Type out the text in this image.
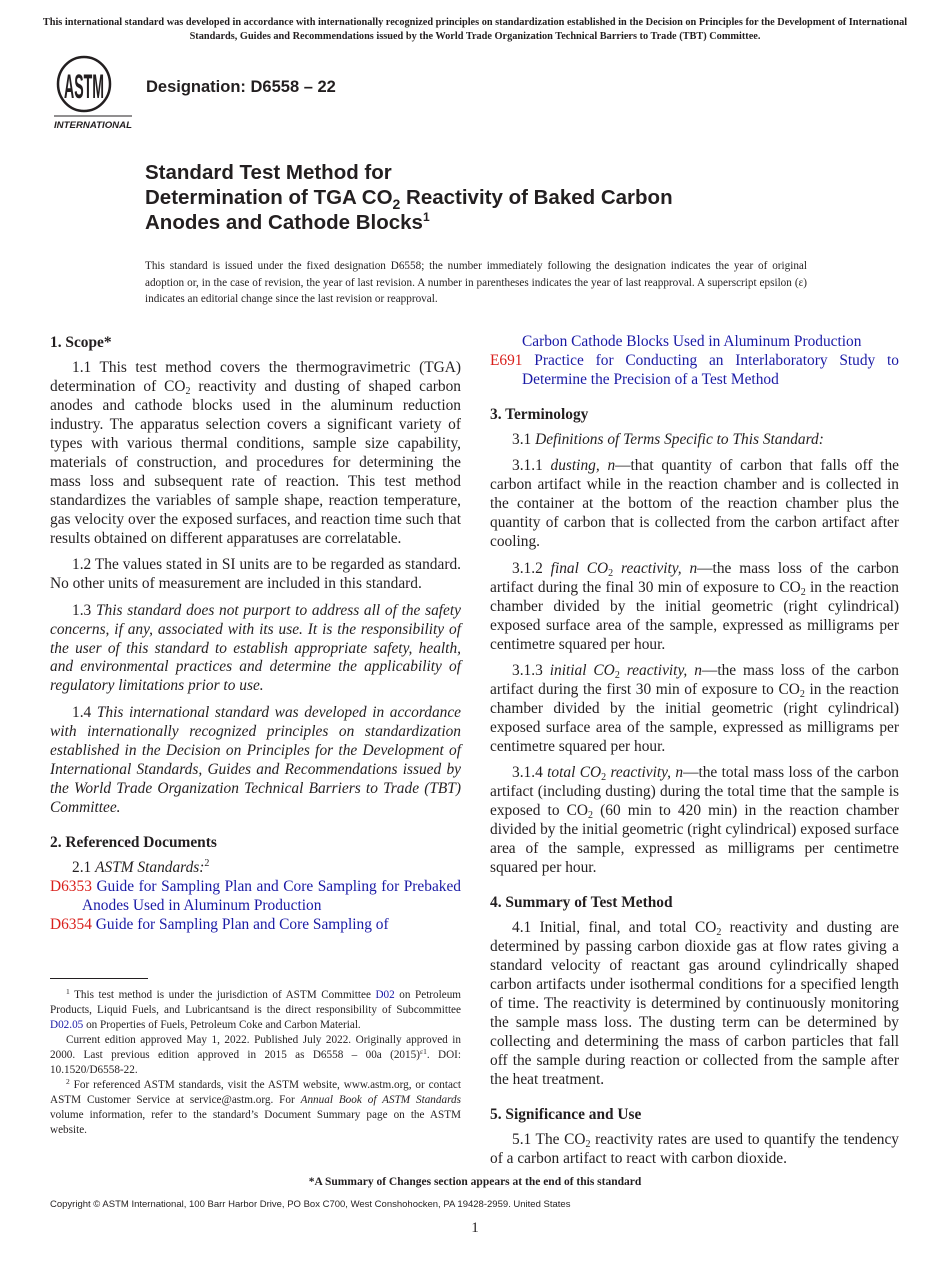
This international standard was developed in accordance with internationally recognized principles on standardization established in the Decision on Principles for the Development of International Standards, Guides and Recommendations issued by the World Trade Organization Technical Barriers to Trade (TBT) Committee.
ASTM
INTERNATIONAL
Designation: D6558 – 22
Standard Test Method for
Determination of TGA $CO_2$ Reactivity of Baked Carbon
Anodes and Cathode Blocks$^1$
This standard is issued under the fixed designation D6558; the number immediately following the designation indicates the year of original adoption or, in the case of revision, the year of last revision. A number in parentheses indicates the year of last reapproval. A superscript epsilon (ε) indicates an editorial change since the last revision or reapproval.
1. Scope*

1.1 This test method covers the thermogravimetric (TGA) determination of $CO_2$ reactivity and dusting of shaped carbon anodes and cathode blocks used in the aluminum reduction industry. The apparatus selection covers a significant variety of types with various thermal conditions, sample size capability, materials of construction, and procedures for determining the mass loss and subsequent rate of reaction. This test method standardizes the variables of sample shape, reaction temperature, gas velocity over the exposed surfaces, and reaction time such that results obtained on different apparatuses are correlatable.

1.2 The values stated in SI units are to be regarded as standard. No other units of measurement are included in this standard.

1.3 This standard does not purport to address all of the safety concerns, if any, associated with its use. It is the responsibility of the user of this standard to establish appropriate safety, health, and environmental practices and determine the applicability of regulatory limitations prior to use.

1.4 This international standard was developed in accordance with internationally recognized principles on standardization established in the Decision on Principles for the Development of International Standards, Guides and Recommendations issued by the World Trade Organization Technical Barriers to Trade (TBT) Committee.

2. Referenced Documents

2.1 ASTM Standards:$^2$

D6353 Guide for Sampling Plan and Core Sampling for Prebaked Anodes Used in Aluminum Production

D6354 Guide for Sampling Plan and Core Sampling of

Carbon Cathode Blocks Used in Aluminum Production

E691 Practice for Conducting an Interlaboratory Study to Determine the Precision of a Test Method

3. Terminology

3.1 Definitions of Terms Specific to This Standard:

3.1.1 dusting, n—that quantity of carbon that falls off the carbon artifact while in the reaction chamber and is collected in the container at the bottom of the reaction chamber plus the quantity of carbon that is collected from the carbon artifact after cooling.

3.1.2 final $CO_2$ reactivity, n—the mass loss of the carbon artifact during the final 30 min of exposure to $CO_2$ in the reaction chamber divided by the initial geometric (right cylindrical) exposed surface area of the sample, expressed as milligrams per centimetre squared per hour.

3.1.3 initial $CO_2$ reactivity, n—the mass loss of the carbon artifact during the first 30 min of exposure to $CO_2$ in the reaction chamber divided by the initial geometric (right cylindrical) exposed surface area of the sample, expressed as milligrams per centimetre squared per hour.

3.1.4 total $CO_2$ reactivity, n—the total mass loss of the carbon artifact (including dusting) during the total time that the sample is exposed to $CO_2$ (60 min to 420 min) in the reaction chamber divided by the initial geometric (right cylindrical) exposed surface area of the sample, expressed as milligrams per centimetre squared per hour.

4. Summary of Test Method

4.1 Initial, final, and total $CO_2$ reactivity and dusting are determined by passing carbon dioxide gas at flow rates giving a standard velocity of reactant gas around cylindrically shaped carbon artifacts under isothermal conditions for a specified length of time. The reactivity is determined by continuously monitoring the sample mass loss. The dusting term can be determined by collecting and determining the mass of carbon particles that fall off the sample during reaction or collected from the sample after the heat treatment.

5. Significance and Use

5.1 The $CO_2$ reactivity rates are used to quantify the tendency of a carbon artifact to react with carbon dioxide.

$^1$ This test method is under the jurisdiction of ASTM Committee D02 on Petroleum Products, Liquid Fuels, and Lubricantsand is the direct responsibility of Subcommittee D02.05 on Properties of Fuels, Petroleum Coke and Carbon Material.

Current edition approved May 1, 2022. Published July 2022. Originally approved in 2000. Last previous edition approved in 2015 as D6558 – 00a $(2015)^{\varepsilon 1}$. DOI: 10.1520/D6558-22.

$^2$ For referenced ASTM standards, visit the ASTM website, www.astm.org, or contact ASTM Customer Service at service@astm.org. For Annual Book of ASTM Standards volume information, refer to the standard’s Document Summary page on the ASTM website.

*A Summary of Changes section appears at the end of this standard
Copyright © ASTM International, 100 Barr Harbor Drive, PO Box C700, West Conshohocken, PA 19428-2959. United States
1
